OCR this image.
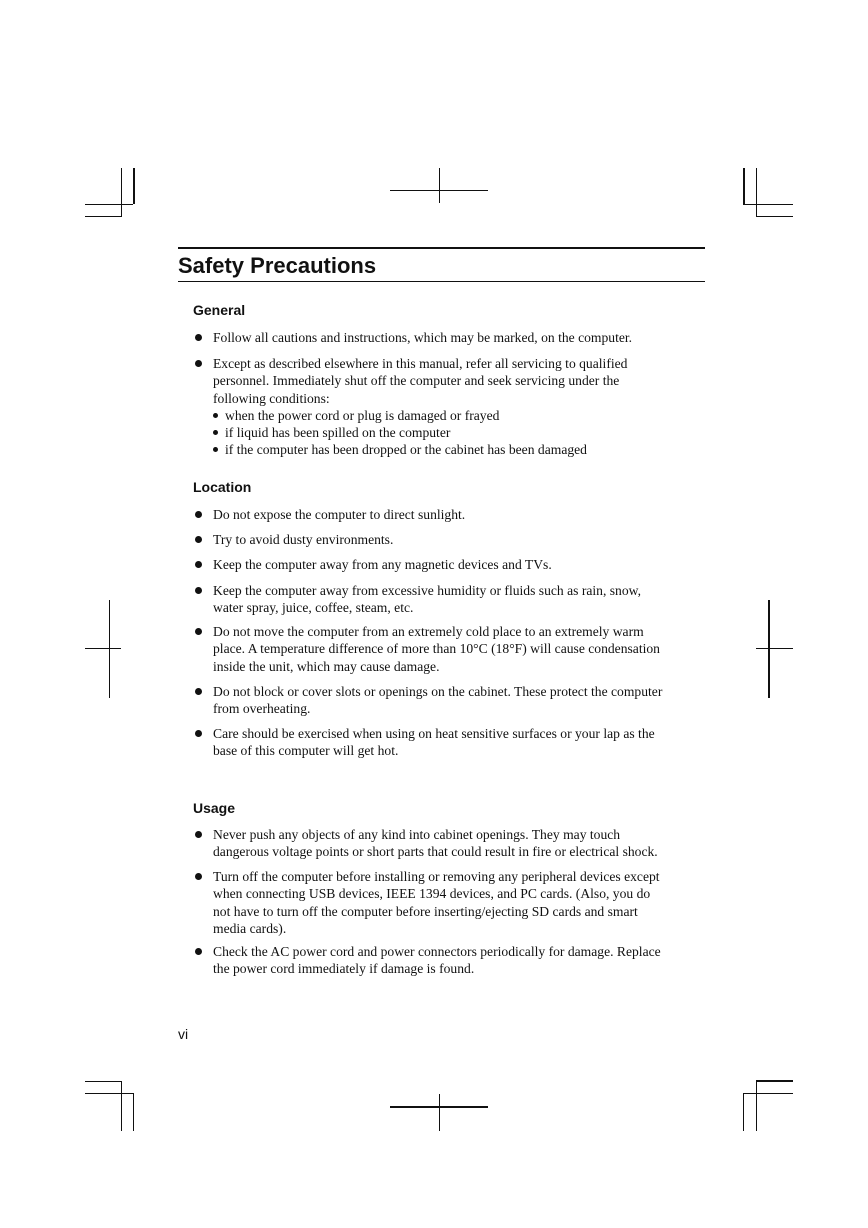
Safety Precautions
General
Follow all cautions and instructions, which may be marked, on the computer.
Except as described elsewhere in this manual, refer all servicing to qualified
personnel. Immediately shut off the computer and seek servicing under the
following conditions:
when the power cord or plug is damaged or frayed
if liquid has been spilled on the computer
if the computer has been dropped or the cabinet has been damaged
Location
Do not expose the computer to direct sunlight.
Try to avoid dusty environments.
Keep the computer away from any magnetic devices and TVs.
Keep the computer away from excessive humidity or fluids such as rain, snow,
water spray, juice, coffee, steam, etc.
Do not move the computer from an extremely cold place to an extremely warm
place. A temperature difference of more than 10°C (18°F) will cause condensation
inside the unit, which may cause damage.
Do not block or cover slots or openings on the cabinet. These protect the computer
from overheating.
Care should be exercised when using on heat sensitive surfaces or your lap as the
base of this computer will get hot.
Usage
Never push any objects of any kind into cabinet openings. They may touch
dangerous voltage points or short parts that could result in fire or electrical shock.
Turn off the computer before installing or removing any peripheral devices except
when connecting USB devices, IEEE 1394 devices, and PC cards. (Also, you do
not have to turn off the computer before inserting/ejecting SD cards and smart
media cards).
Check the AC power cord and power connectors periodically for damage. Replace
the power cord immediately if damage is found.
vi
